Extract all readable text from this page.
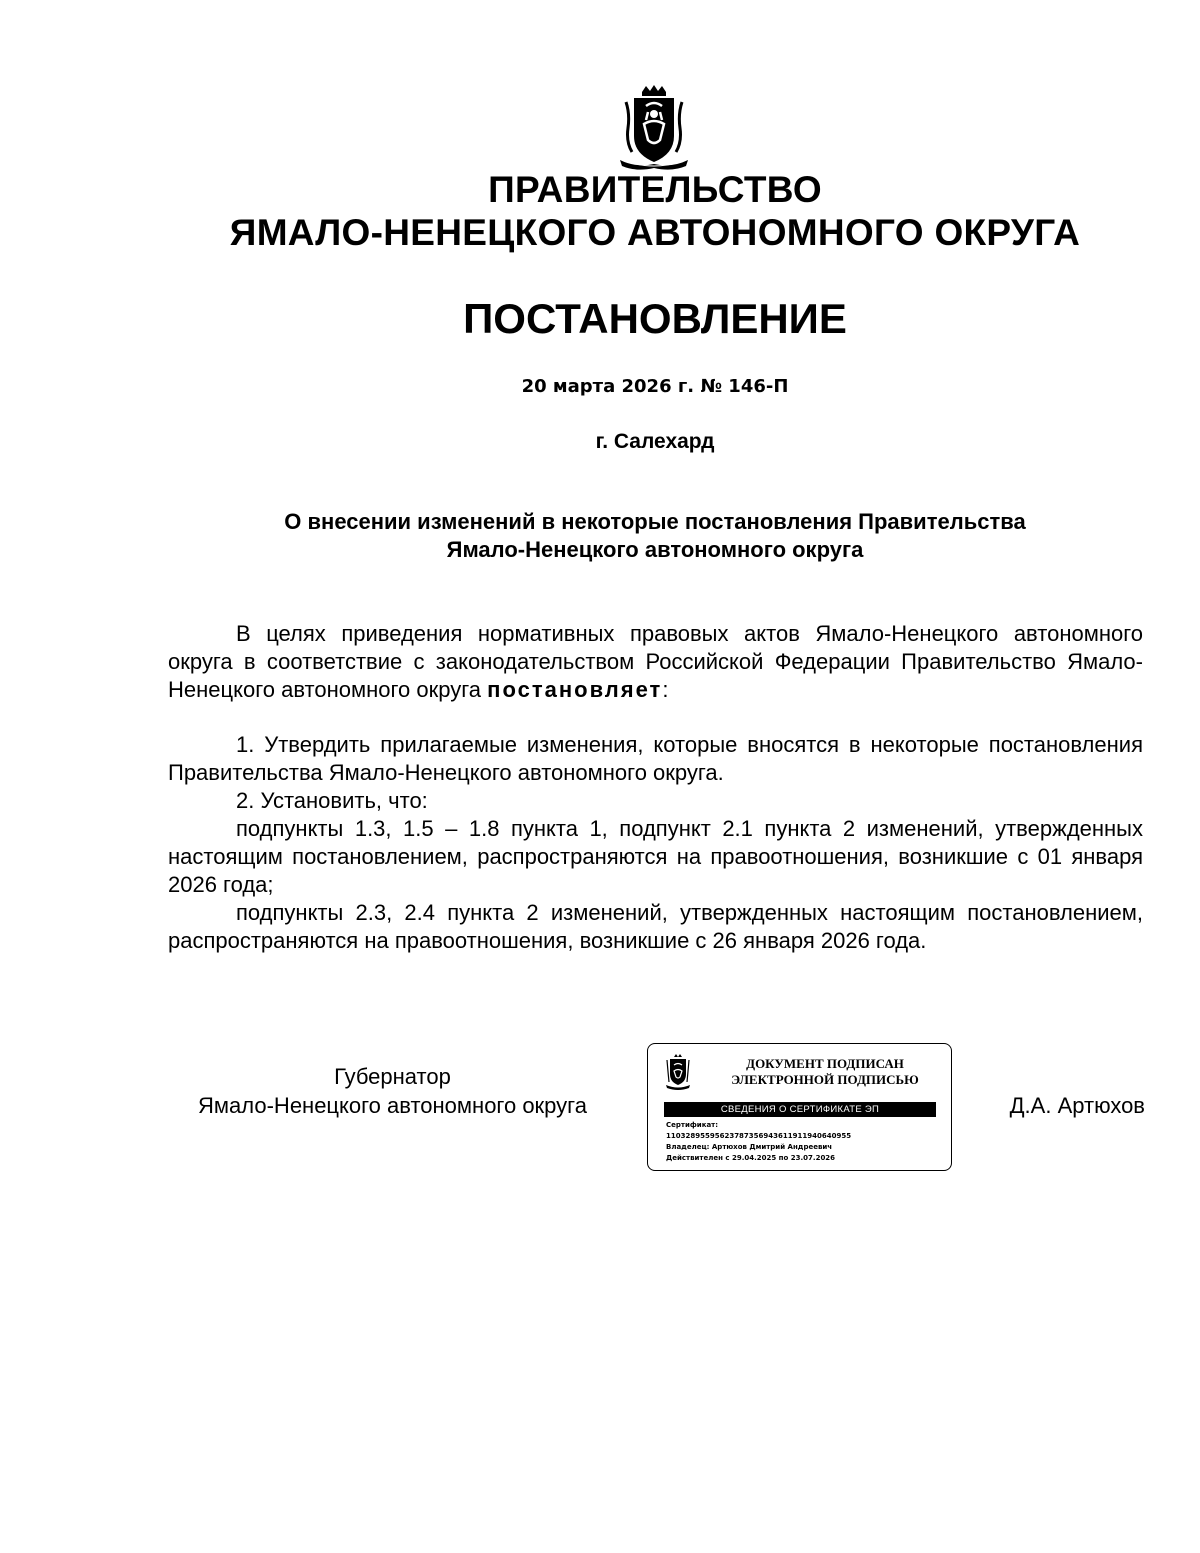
ПРАВИТЕЛЬСТВО
ЯМАЛО-НЕНЕЦКОГО АВТОНОМНОГО ОКРУГА
ПОСТАНОВЛЕНИЕ
20 марта 2026 г. № 146-П
г. Салехард
О внесении изменений в некоторые постановления Правительства
Ямало-Ненецкого автономного округа

В целях приведения нормативных правовых актов Ямало-Ненецкого автономного округа в соответствие с законодательством Российской Федерации Правительство Ямало-Ненецкого автономного округа постановляет:

1. Утвердить прилагаемые изменения, которые вносятся в некоторые постановления Правительства Ямало-Ненецкого автономного округа.

2. Установить, что:

подпункты 1.3, 1.5 – 1.8 пункта 1, подпункт 2.1 пункта 2 изменений, утвержденных настоящим постановлением, распространяются на правоотношения, возникшие с 01 января 2026 года;

подпункты 2.3, 2.4 пункта 2 изменений, утвержденных настоящим постановлением, распространяются на правоотношения, возникшие с 26 января 2026 года.

Губернатор
Ямало-Ненецкого автономного округа
ДОКУМЕНТ ПОДПИСАН
ЭЛЕКТРОННОЙ ПОДПИСЬЮ
СВЕДЕНИЯ О СЕРТИФИКАТЕ ЭП
Сертификат:
11032895595623787356943611911940640955
Владелец: Артюхов Дмитрий Андреевич
Действителен с 29.04.2025 по 23.07.2026
Д.А. Артюхов
